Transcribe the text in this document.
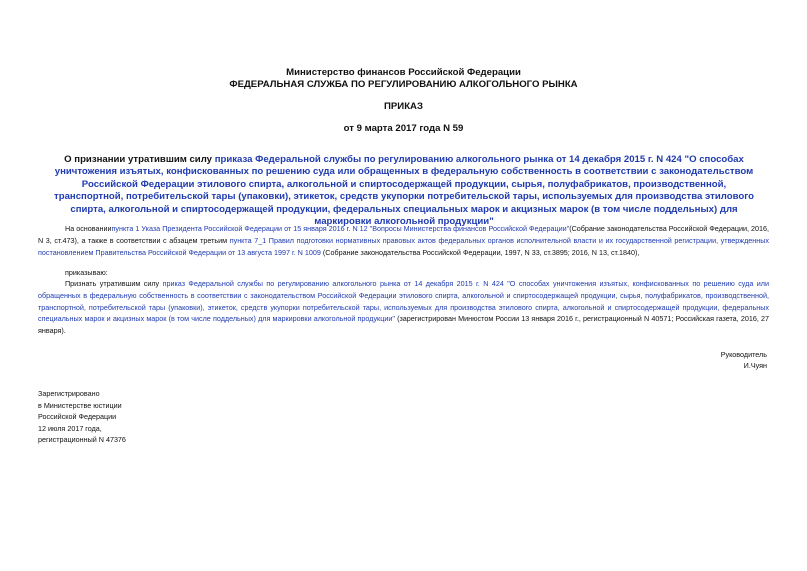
Министерство финансов Российской Федерации
ФЕДЕРАЛЬНАЯ СЛУЖБА ПО РЕГУЛИРОВАНИЮ АЛКОГОЛЬНОГО РЫНКА
ПРИКАЗ
от 9 марта 2017 года N 59
О признании утратившим силу приказа Федеральной службы по регулированию алкогольного рынка от 14 декабря 2015 г. N 424 "О способах уничтожения изъятых, конфискованных по решению суда или обращенных в федеральную собственность в соответствии с законодательством Российской Федерации этилового спирта, алкогольной и спиртосодержащей продукции, сырья, полуфабрикатов, производственной, транспортной, потребительской тары (упаковки), этикеток, средств укупорки потребительской тары, используемых для производства этилового спирта, алкогольной и спиртосодержащей продукции, федеральных специальных марок и акцизных марок (в том числе поддельных) для маркировки алкогольной продукции"
На основаниипункта 1 Указа Президента Российской Федерации от 15 января 2016 г. N 12 "Вопросы Министерства финансов Российской Федерации"(Собрание законодательства Российской Федерации, 2016, N 3, ст.473), а также в соответствии с абзацем третьим пункта 7_1 Правил подготовки нормативных правовых актов федеральных органов исполнительной власти и их государственной регистрации, утвержденных постановлением Правительства Российской Федерации от 13 августа 1997 г. N 1009 (Собрание законодательства Российской Федерации, 1997, N 33, ст.3895; 2016, N 13, ст.1840),
приказываю:
Признать утратившим силу приказ Федеральной службы по регулированию алкогольного рынка от 14 декабря 2015 г. N 424 "О способах уничтожения изъятых, конфискованных по решению суда или обращенных в федеральную собственность в соответствии с законодательством Российской Федерации этилового спирта, алкогольной и спиртосодержащей продукции, сырья, полуфабрикатов, производственной, транспортной, потребительской тары (упаковки), этикеток, средств укупорки потребительской тары, используемых для производства этилового спирта, алкогольной и спиртосодержащей продукции, федеральных специальных марок и акцизных марок (в том числе поддельных) для маркировки алкогольной продукции" (зарегистрирован Минюстом России 13 января 2016 г., регистрационный N 40571; Российская газета, 2016, 27 января).
Руководитель
И.Чуян
Зарегистрировано
в Министерстве юстиции
Российской Федерации
12 июля 2017 года,
регистрационный N 47376
